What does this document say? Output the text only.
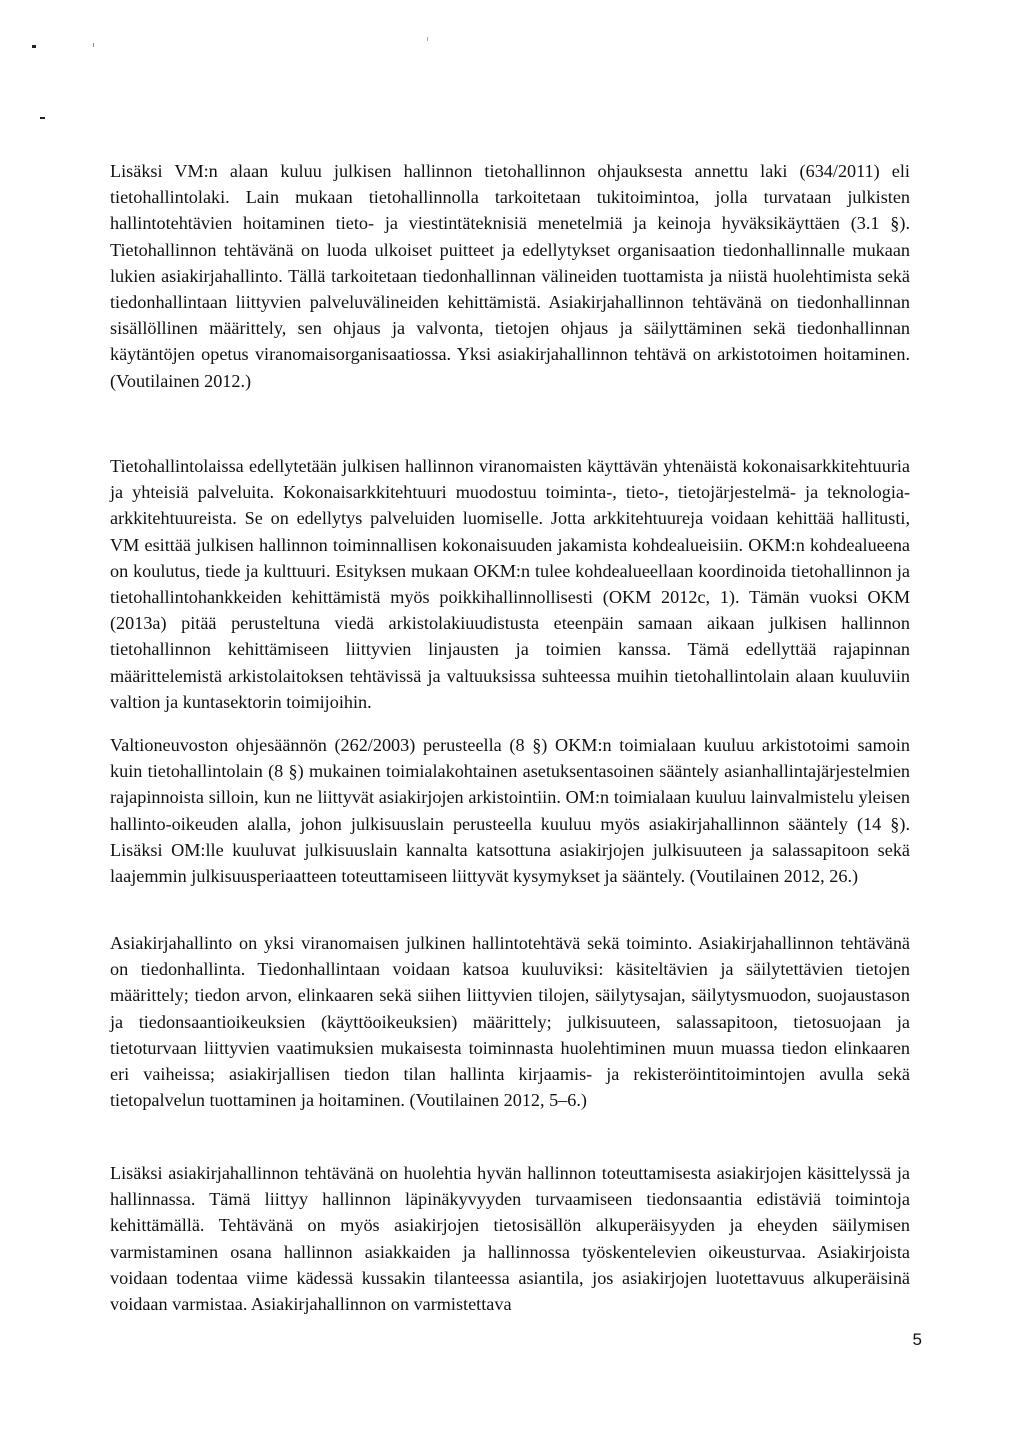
Lisäksi VM:n alaan kuluu julkisen hallinnon tietohallinnon ohjauksesta annettu laki (634/2011) eli tietohallintolaki. Lain mukaan tietohallinnolla tarkoitetaan tukitoimintoa, jolla turvataan julkisten hallintotehtävien hoitaminen tieto- ja viestintäteknisiä menetelmiä ja keinoja hyväksikäyttäen (3.1 §). Tietohallinnon tehtävänä on luoda ulkoiset puitteet ja edellytykset organisaation tiedonhallinnalle mukaan lukien asiakirjahallinto. Tällä tarkoitetaan tiedonhallinnan välineiden tuottamista ja niistä huolehtimista sekä tiedonhallintaan liittyvien palveluvälineiden kehittämistä. Asiakirjahallinnon tehtävänä on tiedonhallinnan sisällöllinen määrittely, sen ohjaus ja valvonta, tietojen ohjaus ja säilyttäminen sekä tiedonhallinnan käytäntöjen opetus viranomaisorganisaatiossa. Yksi asiakirjahallinnon tehtävä on arkistotoimen hoitaminen. (Voutilainen 2012.)

Tietohallintolaissa edellytetään julkisen hallinnon viranomaisten käyttävän yhtenäistä kokonaisarkkitehtuuria ja yhteisiä palveluita. Kokonaisarkkitehtuuri muodostuu toiminta-, tieto-, tietojärjestelmä- ja teknologia-arkkitehtuureista. Se on edellytys palveluiden luomiselle. Jotta arkkitehtuureja voidaan kehittää hallitusti, VM esittää julkisen hallinnon toiminnallisen kokonaisuuden jakamista kohdealueisiin. OKM:n kohdealueena on koulutus, tiede ja kulttuuri. Esityksen mukaan OKM:n tulee kohdealueellaan koordinoida tietohallinnon ja tietohallintohankkeiden kehittämistä myös poikkihallinnollisesti (OKM 2012c, 1). Tämän vuoksi OKM (2013a) pitää perusteltuna viedä arkistolakiuudistusta eteenpäin samaan aikaan julkisen hallinnon tietohallinnon kehittämiseen liittyvien linjausten ja toimien kanssa. Tämä edellyttää rajapinnan määrittelemistä arkistolaitoksen tehtävissä ja valtuuksissa suhteessa muihin tietohallintolain alaan kuuluviin valtion ja kuntasektorin toimijoihin.

Valtioneuvoston ohjesäännön (262/2003) perusteella (8 §) OKM:n toimialaan kuuluu arkistotoimi samoin kuin tietohallintolain (8 §) mukainen toimialakohtainen asetuksentasoinen sääntely asianhallintajärjestelmien rajapinnoista silloin, kun ne liittyvät asiakirjojen arkistointiin. OM:n toimialaan kuuluu lainvalmistelu yleisen hallinto-oikeuden alalla, johon julkisuuslain perusteella kuuluu myös asiakirjahallinnon sääntely (14 §). Lisäksi OM:lle kuuluvat julkisuuslain kannalta katsottuna asiakirjojen julkisuuteen ja salassapitoon sekä laajemmin julkisuusperiaatteen toteuttamiseen liittyvät kysymykset ja sääntely. (Voutilainen 2012, 26.)

Asiakirjahallinto on yksi viranomaisen julkinen hallintotehtävä sekä toiminto. Asiakirjahallinnon tehtävänä on tiedonhallinta. Tiedonhallintaan voidaan katsoa kuuluviksi: käsiteltävien ja säilytettävien tietojen määrittely; tiedon arvon, elinkaaren sekä siihen liittyvien tilojen, säilytysajan, säilytysmuodon, suojaustason ja tiedonsaantioikeuksien (käyttöoikeuksien) määrittely; julkisuuteen, salassapitoon, tietosuojaan ja tietoturvaan liittyvien vaatimuksien mukaisesta toiminnasta huolehtiminen muun muassa tiedon elinkaaren eri vaiheissa; asiakirjallisen tiedon tilan hallinta kirjaamis- ja rekisteröintitoimintojen avulla sekä tietopalvelun tuottaminen ja hoitaminen. (Voutilainen 2012, 5–6.)

Lisäksi asiakirjahallinnon tehtävänä on huolehtia hyvän hallinnon toteuttamisesta asiakirjojen käsittelyssä ja hallinnassa. Tämä liittyy hallinnon läpinäkyvyyden turvaamiseen tiedonsaantia edistäviä toimintoja kehittämällä. Tehtävänä on myös asiakirjojen tietosisällön alkuperäisyyden ja eheyden säilymisen varmistaminen osana hallinnon asiakkaiden ja hallinnossa työskentelevien oikeusturvaa. Asiakirjoista voidaan todentaa viime kädessä kussakin tilanteessa asiantila, jos asiakirjojen luotettavuus alkuperäisinä voidaan varmistaa. Asiakirjahallinnon on varmistettava

5
